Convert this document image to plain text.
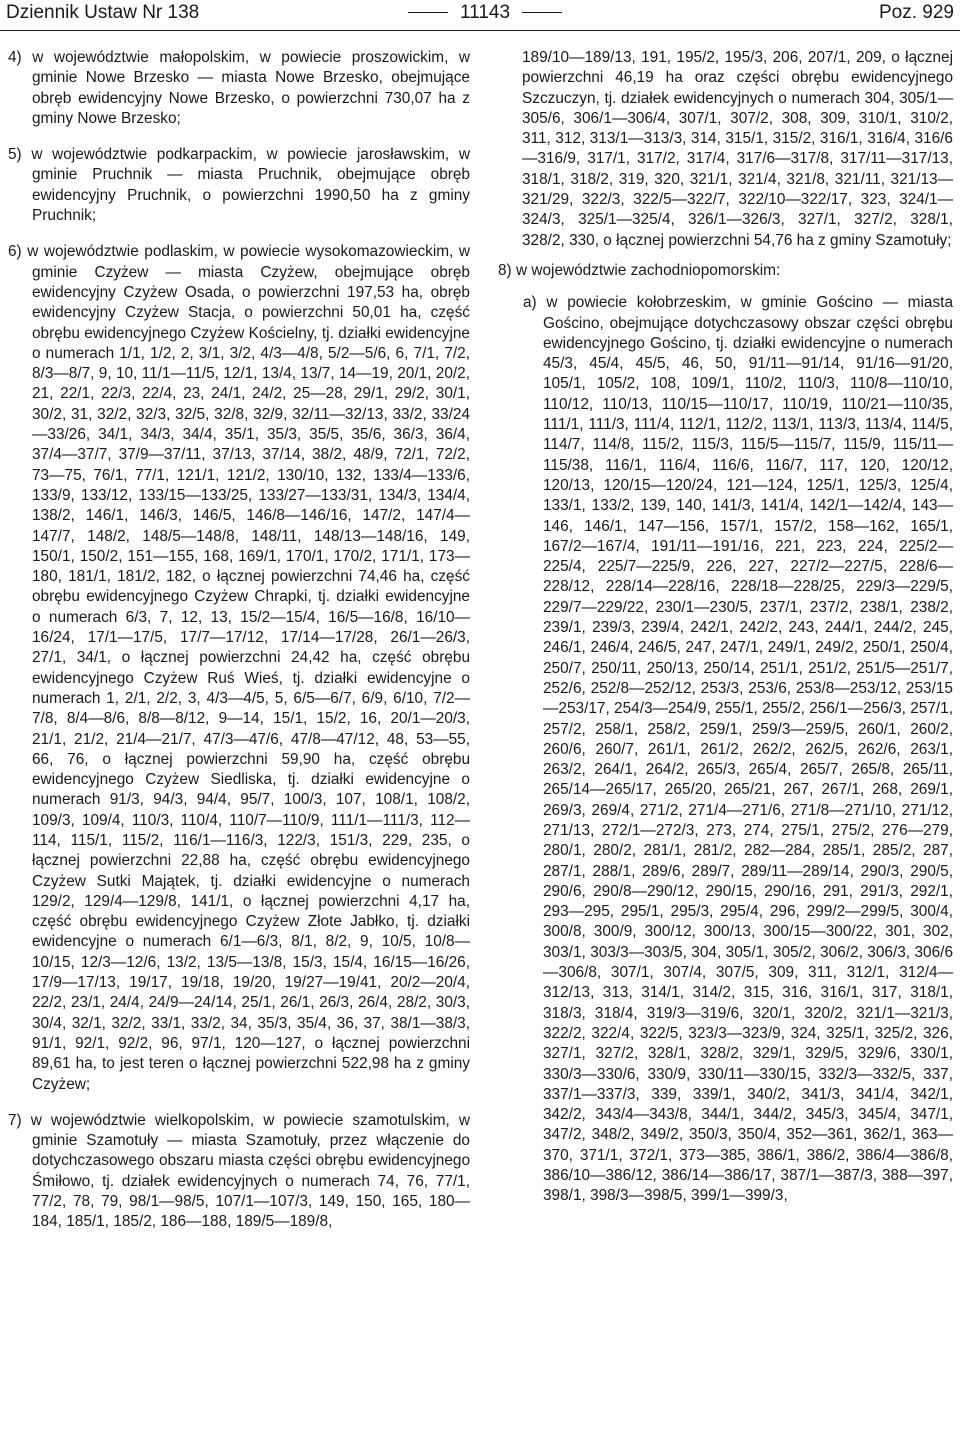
Dziennik Ustaw Nr 138	11143	Poz. 929

4) w województwie małopolskim, w powiecie proszowickim, w gminie Nowe Brzesko — miasta Nowe Brzesko, obejmujące obręb ewidencyjny Nowe Brzesko, o powierzchni 730,07 ha z gminy Nowe Brzesko;

5) w województwie podkarpackim, w powiecie jarosławskim, w gminie Pruchnik — miasta Pruchnik, obejmujące obręb ewidencyjny Pruchnik, o powierzchni 1990,50 ha z gminy Pruchnik;

6) w województwie podlaskim, w powiecie wysokomazowieckim, w gminie Czyżew — miasta Czyżew, obejmujące obręb ewidencyjny Czyżew Osada, o powierzchni 197,53 ha, obręb ewidencyjny Czyżew Stacja, o powierzchni 50,01 ha, część obrębu ewidencyjnego Czyżew Kościelny, tj. działki ewidencyjne o numerach 1/1, 1/2, 2, 3/1, 3/2, 4/3—4/8, 5/2—5/6, 6, 7/1, 7/2, 8/3—8/7, 9, 10, 11/1—11/5, 12/1, 13/4, 13/7, 14—19, 20/1, 20/2, 21, 22/1, 22/3, 22/4, 23, 24/1, 24/2, 25—28, 29/1, 29/2, 30/1, 30/2, 31, 32/2, 32/3, 32/5, 32/8, 32/9, 32/11—32/13, 33/2, 33/24—33/26, 34/1, 34/3, 34/4, 35/1, 35/3, 35/5, 35/6, 36/3, 36/4, 37/4—37/7, 37/9—37/11, 37/13, 37/14, 38/2, 48/9, 72/1, 72/2, 73—75, 76/1, 77/1, 121/1, 121/2, 130/10, 132, 133/4—133/6, 133/9, 133/12, 133/15—133/25, 133/27—133/31, 134/3, 134/4, 138/2, 146/1, 146/3, 146/5, 146/8—146/16, 147/2, 147/4—147/7, 148/2, 148/5—148/8, 148/11, 148/13—148/16, 149, 150/1, 150/2, 151—155, 168, 169/1, 170/1, 170/2, 171/1, 173—180, 181/1, 181/2, 182, o łącznej powierzchni 74,46 ha, część obrębu ewidencyjnego Czyżew Chrapki, tj. działki ewidencyjne o numerach 6/3, 7, 12, 13, 15/2—15/4, 16/5—16/8, 16/10—16/24, 17/1—17/5, 17/7—17/12, 17/14—17/28, 26/1—26/3, 27/1, 34/1, o łącznej powierzchni 24,42 ha, część obrębu ewidencyjnego Czyżew Ruś Wieś, tj. działki ewidencyjne o numerach 1, 2/1, 2/2, 3, 4/3—4/5, 5, 6/5—6/7, 6/9, 6/10, 7/2—7/8, 8/4—8/6, 8/8—8/12, 9—14, 15/1, 15/2, 16, 20/1—20/3, 21/1, 21/2, 21/4—21/7, 47/3—47/6, 47/8—47/12, 48, 53—55, 66, 76, o łącznej powierzchni 59,90 ha, część obrębu ewidencyjnego Czyżew Siedliska, tj. działki ewidencyjne o numerach 91/3, 94/3, 94/4, 95/7, 100/3, 107, 108/1, 108/2, 109/3, 109/4, 110/3, 110/4, 110/7—110/9, 111/1—111/3, 112—114, 115/1, 115/2, 116/1—116/3, 122/3, 151/3, 229, 235, o łącznej powierzchni 22,88 ha, część obrębu ewidencyjnego Czyżew Sutki Majątek, tj. działki ewidencyjne o numerach 129/2, 129/4—129/8, 141/1, o łącznej powierzchni 4,17 ha, część obrębu ewidencyjnego Czyżew Złote Jabłko, tj. działki ewidencyjne o numerach 6/1—6/3, 8/1, 8/2, 9, 10/5, 10/8—10/15, 12/3—12/6, 13/2, 13/5—13/8, 15/3, 15/4, 16/15—16/26, 17/9—17/13, 19/17, 19/18, 19/20, 19/27—19/41, 20/2—20/4, 22/2, 23/1, 24/4, 24/9—24/14, 25/1, 26/1, 26/3, 26/4, 28/2, 30/3, 30/4, 32/1, 32/2, 33/1, 33/2, 34, 35/3, 35/4, 36, 37, 38/1—38/3, 91/1, 92/1, 92/2, 96, 97/1, 120—127, o łącznej powierzchni 89,61 ha, to jest teren o łącznej powierzchni 522,98 ha z gminy Czyżew;

7) w województwie wielkopolskim, w powiecie szamotulskim, w gminie Szamotuły — miasta Szamotuły, przez włączenie do dotychczasowego obszaru miasta części obrębu ewidencyjnego Śmiłowo, tj. działek ewidencyjnych o numerach 74, 76, 77/1, 77/2, 78, 79, 98/1—98/5, 107/1—107/3, 149, 150, 165, 180—184, 185/1, 185/2, 186—188, 189/5—189/8,

189/10—189/13, 191, 195/2, 195/3, 206, 207/1, 209, o łącznej powierzchni 46,19 ha oraz części obrębu ewidencyjnego Szczuczyn, tj. działek ewidencyjnych o numerach 304, 305/1—305/6, 306/1—306/4, 307/1, 307/2, 308, 309, 310/1, 310/2, 311, 312, 313/1—313/3, 314, 315/1, 315/2, 316/1, 316/4, 316/6—316/9, 317/1, 317/2, 317/4, 317/6—317/8, 317/11—317/13, 318/1, 318/2, 319, 320, 321/1, 321/4, 321/8, 321/11, 321/13—321/29, 322/3, 322/5—322/7, 322/10—322/17, 323, 324/1—324/3, 325/1—325/4, 326/1—326/3, 327/1, 327/2, 328/1, 328/2, 330, o łącznej powierzchni 54,76 ha z gminy Szamotuły;

8) w województwie zachodniopomorskim:

a) w powiecie kołobrzeskim, w gminie Gościno — miasta Gościno, obejmujące dotychczasowy obszar części obrębu ewidencyjnego Gościno, tj. działki ewidencyjne o numerach 45/3, 45/4, 45/5, 46, 50, 91/11—91/14, 91/16—91/20, 105/1, 105/2, 108, 109/1, 110/2, 110/3, 110/8—110/10, 110/12, 110/13, 110/15—110/17, 110/19, 110/21—110/35, 111/1, 111/3, 111/4, 112/1, 112/2, 113/1, 113/3, 113/4, 114/5, 114/7, 114/8, 115/2, 115/3, 115/5—115/7, 115/9, 115/11—115/38, 116/1, 116/4, 116/6, 116/7, 117, 120, 120/12, 120/13, 120/15—120/24, 121—124, 125/1, 125/3, 125/4, 133/1, 133/2, 139, 140, 141/3, 141/4, 142/1—142/4, 143—146, 146/1, 147—156, 157/1, 157/2, 158—162, 165/1, 167/2—167/4, 191/11—191/16, 221, 223, 224, 225/2—225/4, 225/7—225/9, 226, 227, 227/2—227/5, 228/6—228/12, 228/14—228/16, 228/18—228/25, 229/3—229/5, 229/7—229/22, 230/1—230/5, 237/1, 237/2, 238/1, 238/2, 239/1, 239/3, 239/4, 242/1, 242/2, 243, 244/1, 244/2, 245, 246/1, 246/4, 246/5, 247, 247/1, 249/1, 249/2, 250/1, 250/4, 250/7, 250/11, 250/13, 250/14, 251/1, 251/2, 251/5—251/7, 252/6, 252/8—252/12, 253/3, 253/6, 253/8—253/12, 253/15—253/17, 254/3—254/9, 255/1, 255/2, 256/1—256/3, 257/1, 257/2, 258/1, 258/2, 259/1, 259/3—259/5, 260/1, 260/2, 260/6, 260/7, 261/1, 261/2, 262/2, 262/5, 262/6, 263/1, 263/2, 264/1, 264/2, 265/3, 265/4, 265/7, 265/8, 265/11, 265/14—265/17, 265/20, 265/21, 267, 267/1, 268, 269/1, 269/3, 269/4, 271/2, 271/4—271/6, 271/8—271/10, 271/12, 271/13, 272/1—272/3, 273, 274, 275/1, 275/2, 276—279, 280/1, 280/2, 281/1, 281/2, 282—284, 285/1, 285/2, 287, 287/1, 288/1, 289/6, 289/7, 289/11—289/14, 290/3, 290/5, 290/6, 290/8—290/12, 290/15, 290/16, 291, 291/3, 292/1, 293—295, 295/1, 295/3, 295/4, 296, 299/2—299/5, 300/4, 300/8, 300/9, 300/12, 300/13, 300/15—300/22, 301, 302, 303/1, 303/3—303/5, 304, 305/1, 305/2, 306/2, 306/3, 306/6—306/8, 307/1, 307/4, 307/5, 309, 311, 312/1, 312/4—312/13, 313, 314/1, 314/2, 315, 316, 316/1, 317, 318/1, 318/3, 318/4, 319/3—319/6, 320/1, 320/2, 321/1—321/3, 322/2, 322/4, 322/5, 323/3—323/9, 324, 325/1, 325/2, 326, 327/1, 327/2, 328/1, 328/2, 329/1, 329/5, 329/6, 330/1, 330/3—330/6, 330/9, 330/11—330/15, 332/3—332/5, 337, 337/1—337/3, 339, 339/1, 340/2, 341/3, 341/4, 342/1, 342/2, 343/4—343/8, 344/1, 344/2, 345/3, 345/4, 347/1, 347/2, 348/2, 349/2, 350/3, 350/4, 352—361, 362/1, 363—370, 371/1, 372/1, 373—385, 386/1, 386/2, 386/4—386/8, 386/10—386/12, 386/14—386/17, 387/1—387/3, 388—397, 398/1, 398/3—398/5, 399/1—399/3,
